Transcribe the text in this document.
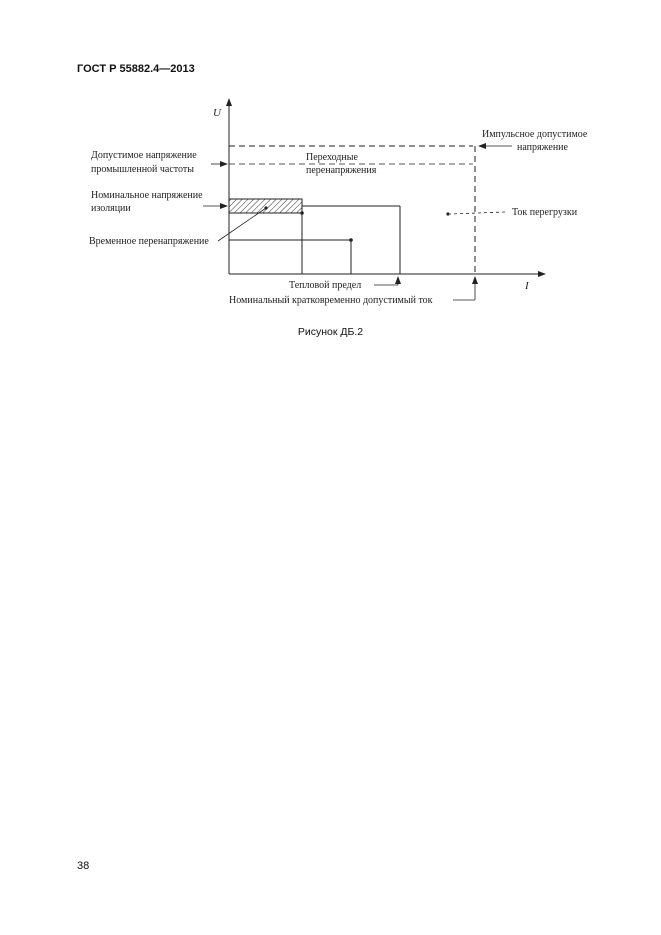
ГОСТ Р 55882.4—2013
U
I
Импульсное допустимое
напряжение
Допустимое напряжение
промышленной частоты
Переходные
перенапряжения
Номинальное напряжение
изоляции	Ток перегрузки
Временное перенапряжение
Тепловой предел
Номинальный кратковременно допустимый ток
Рисунок ДБ.2
38
